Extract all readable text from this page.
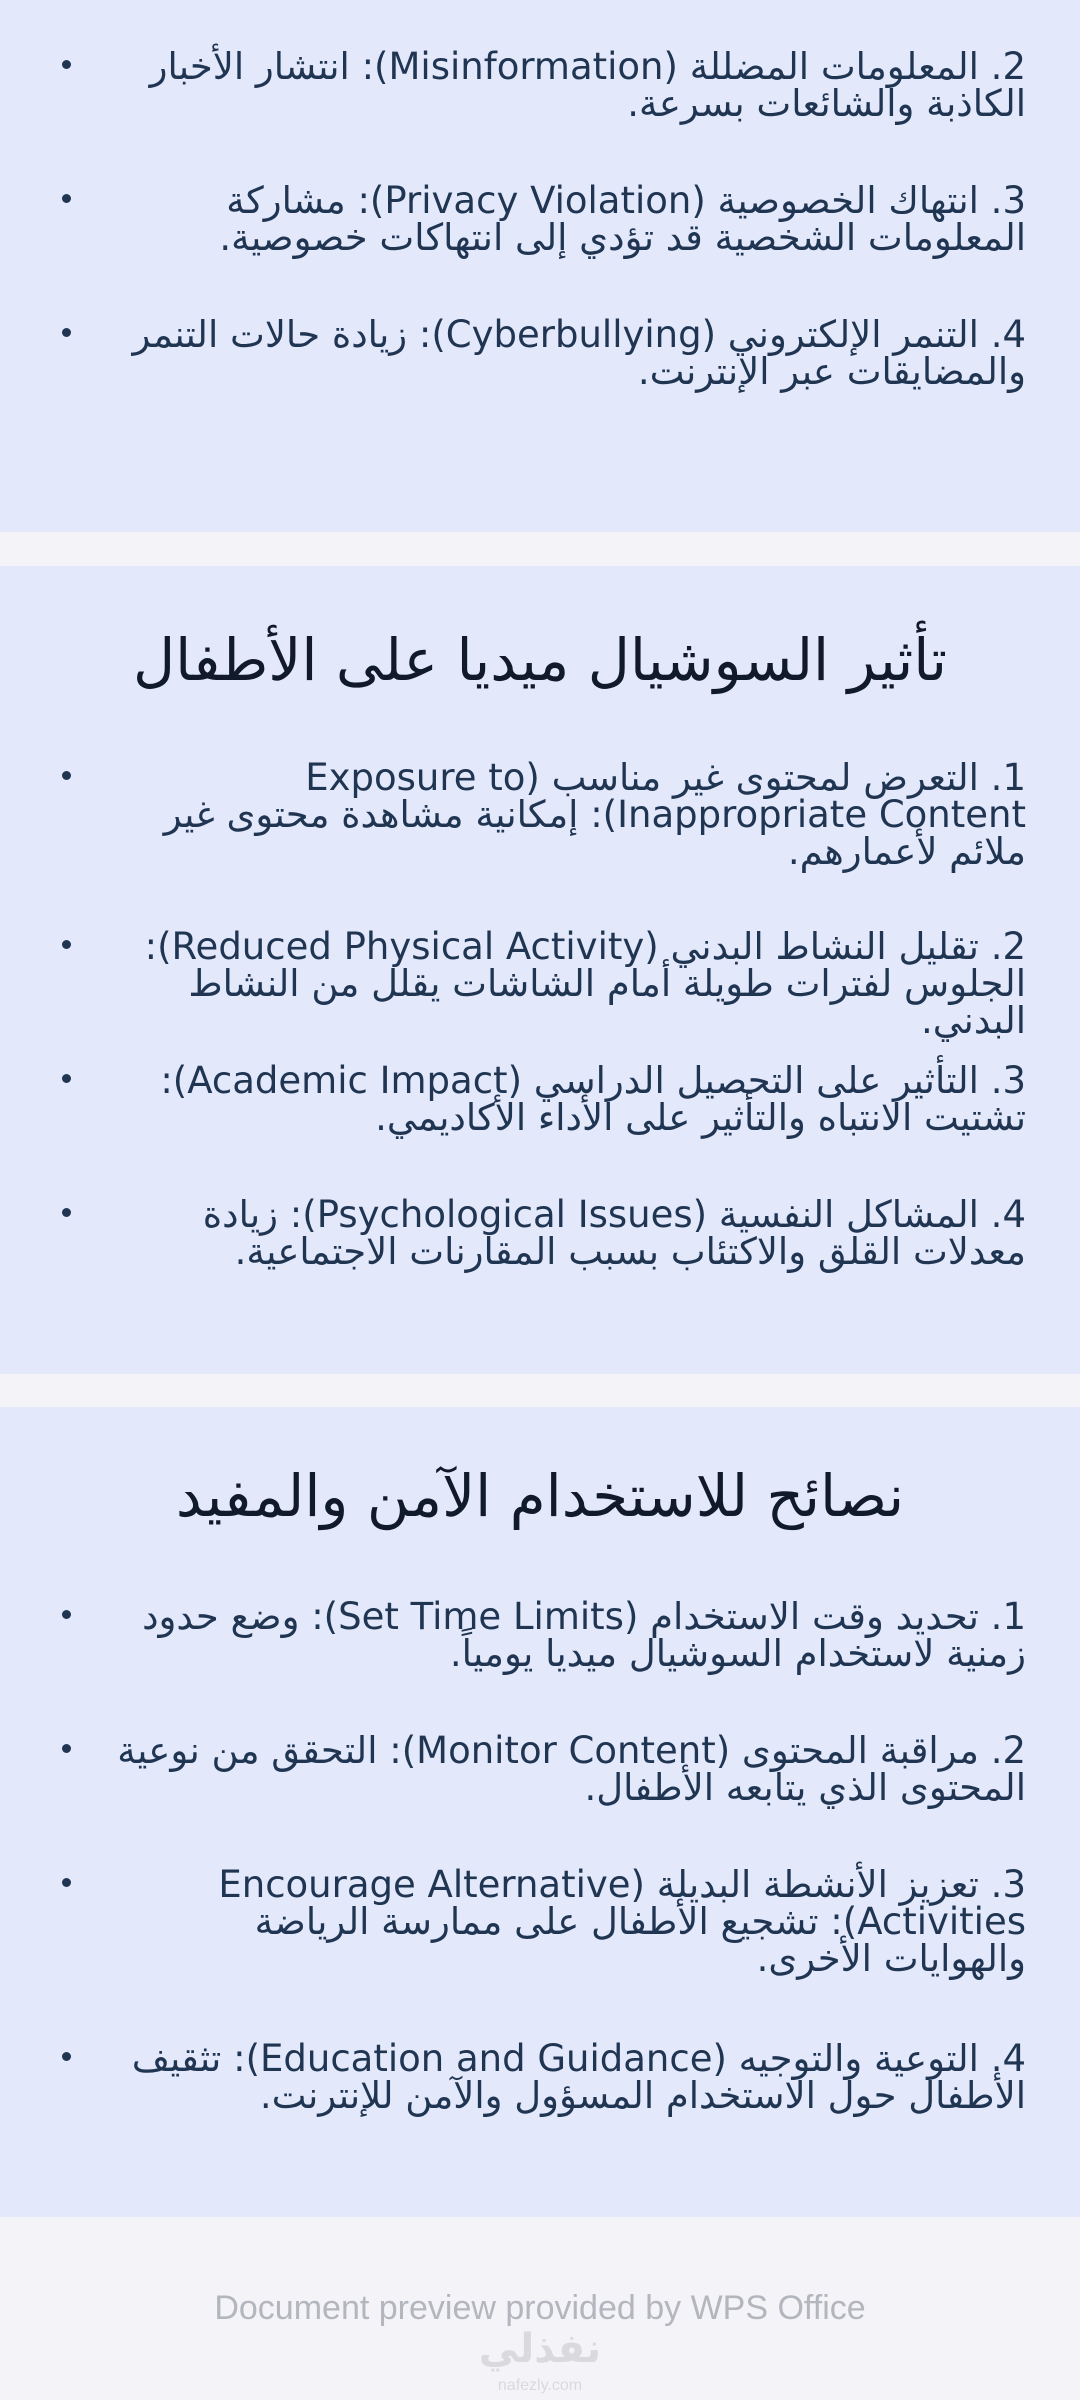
2. المعلومات المضللة (Misinformation): انتشار الأخبار الكاذبة والشائعات بسرعة.

3. انتهاك الخصوصية (Privacy Violation): مشاركة المعلومات الشخصية قد تؤدي إلى انتهاكات خصوصية.

4. التنمر الإلكتروني (Cyberbullying): زيادة حالات التنمر والمضايقات عبر الإنترنت.

تأثير السوشيال ميديا على الأطفال

1. التعرض لمحتوى غير مناسب (Exposure to Inappropriate Content): إمكانية مشاهدة محتوى غير ملائم لأعمارهم.

2. تقليل النشاط البدني (Reduced Physical Activity): الجلوس لفترات طويلة أمام الشاشات يقلل من النشاط البدني.

3. التأثير على التحصيل الدراسي (Academic Impact): تشتيت الانتباه والتأثير على الأداء الأكاديمي.

4. المشاكل النفسية (Psychological Issues): زيادة معدلات القلق والاكتئاب بسبب المقارنات الاجتماعية.

نصائح للاستخدام الآمن والمفيد

1. تحديد وقت الاستخدام (Set Time Limits): وضع حدود زمنية لاستخدام السوشيال ميديا يومياً.

2. مراقبة المحتوى (Monitor Content): التحقق من نوعية المحتوى الذي يتابعه الأطفال.

3. تعزيز الأنشطة البديلة (Encourage Alternative Activities): تشجيع الأطفال على ممارسة الرياضة والهوايات الأخرى.

4. التوعية والتوجيه (Education and Guidance): تثقيف الأطفال حول الاستخدام المسؤول والآمن للإنترنت.

Document preview provided by WPS Office
نفذلي
nafezly.com
